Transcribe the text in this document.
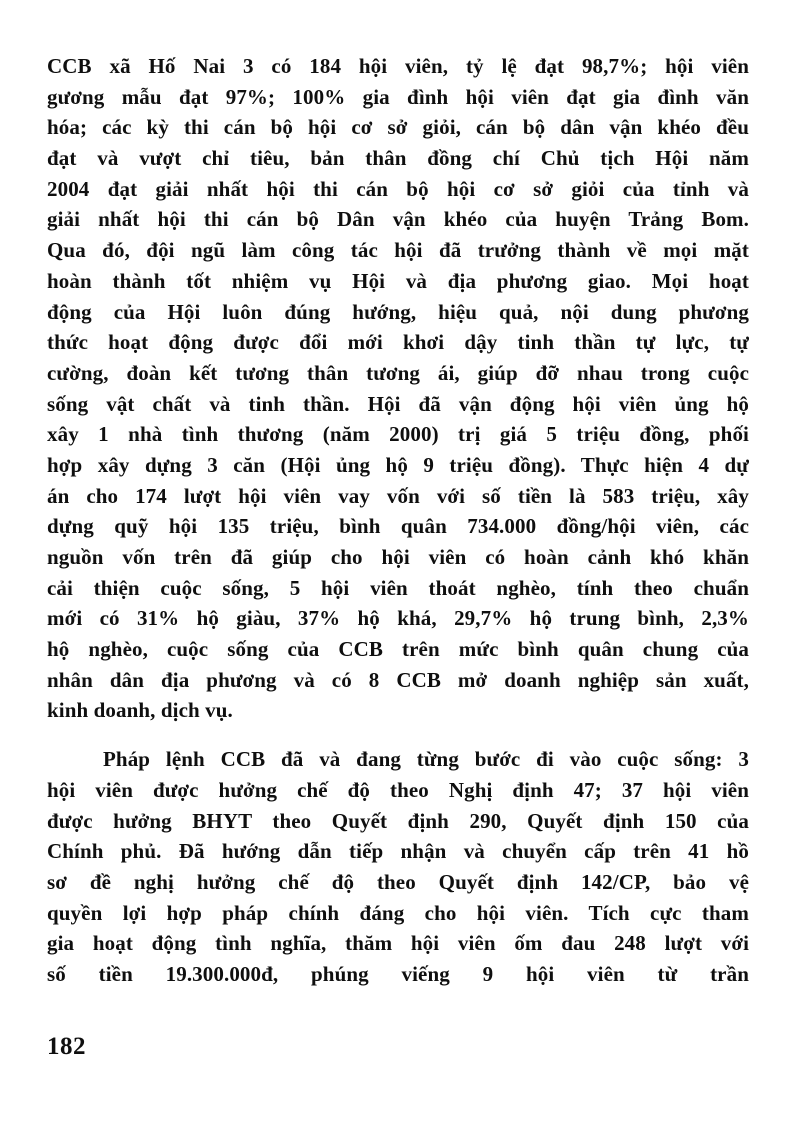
CCB xã Hố Nai 3 có 184 hội viên, tỷ lệ đạt 98,7%; hội viên
gương mẫu đạt 97%; 100% gia đình hội viên đạt gia đình văn
hóa; các kỳ thi cán bộ hội cơ sở giỏi, cán bộ dân vận khéo đều
đạt và vượt chỉ tiêu, bản thân đồng chí Chủ tịch Hội năm
2004 đạt giải nhất hội thi cán bộ hội cơ sở giỏi của tỉnh và
giải nhất hội thi cán bộ Dân vận khéo của huyện Trảng Bom.
Qua đó, đội ngũ làm công tác hội đã trưởng thành về mọi mặt
hoàn thành tốt nhiệm vụ Hội và địa phương giao. Mọi hoạt
động của Hội luôn đúng hướng, hiệu quả, nội dung phương
thức hoạt động được đổi mới khơi dậy tinh thần tự lực, tự
cường, đoàn kết tương thân tương ái, giúp đỡ nhau trong cuộc
sống vật chất và tinh thần. Hội đã vận động hội viên ủng hộ
xây 1 nhà tình thương (năm 2000) trị giá 5 triệu đồng, phối
hợp xây dựng 3 căn (Hội ủng hộ 9 triệu đồng). Thực hiện 4 dự
án cho 174 lượt hội viên vay vốn với số tiền là 583 triệu, xây
dựng quỹ hội 135 triệu, bình quân 734.000 đồng/hội viên, các
nguồn vốn trên đã giúp cho hội viên có hoàn cảnh khó khăn
cải thiện cuộc sống, 5 hội viên thoát nghèo, tính theo chuẩn
mới có 31% hộ giàu, 37% hộ khá, 29,7% hộ trung bình, 2,3%
hộ nghèo, cuộc sống của CCB trên mức bình quân chung của
nhân dân địa phương và có 8 CCB mở doanh nghiệp sản xuất,
kinh doanh, dịch vụ.
Pháp lệnh CCB đã và đang từng bước đi vào cuộc sống: 3
hội viên được hưởng chế độ theo Nghị định 47; 37 hội viên
được hưởng BHYT theo Quyết định 290, Quyết định 150 của
Chính phủ. Đã hướng dẫn tiếp nhận và chuyển cấp trên 41 hồ
sơ đề nghị hưởng chế độ theo Quyết định 142/CP, bảo vệ
quyền lợi hợp pháp chính đáng cho hội viên. Tích cực tham
gia hoạt động tình nghĩa, thăm hội viên ốm đau 248 lượt với
số tiền 19.300.000đ, phúng viếng 9 hội viên từ trần
182
